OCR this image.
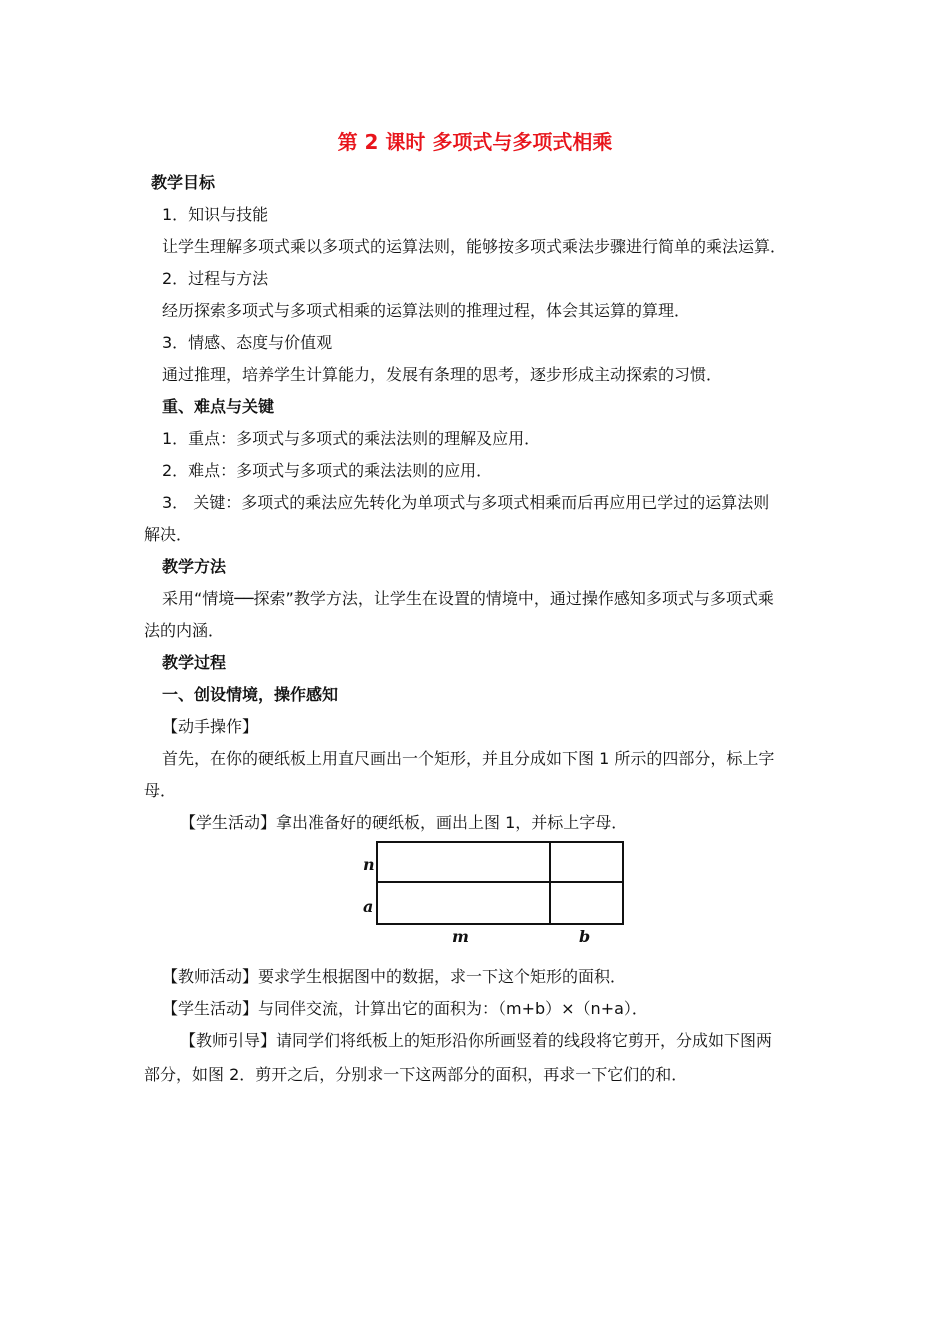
第 2 课时 多项式与多项式相乘
教学目标
1．知识与技能
让学生理解多项式乘以多项式的运算法则，能够按多项式乘法步骤进行简单的乘法运算．
2．过程与方法
经历探索多项式与多项式相乘的运算法则的推理过程，体会其运算的算理．
3．情感、态度与价值观
通过推理，培养学生计算能力，发展有条理的思考，逐步形成主动探索的习惯．
重、难点与关键
1．重点：多项式与多项式的乘法法则的理解及应用．
2．难点：多项式与多项式的乘法法则的应用．
3． 关键：多项式的乘法应先转化为单项式与多项式相乘而后再应用已学过的运算法则
解决．
教学方法
采用“情境──探索”教学方法，让学生在设置的情境中，通过操作感知多项式与多项式乘
法的内涵．
教学过程
一、创设情境，操作感知
【动手操作】
首先，在你的硬纸板上用直尺画出一个矩形，并且分成如下图 1 所示的四部分，标上字
母．
【学生活动】拿出准备好的硬纸板，画出上图 1，并标上字母．
n
a
m	b
【教师活动】要求学生根据图中的数据，求一下这个矩形的面积．
【学生活动】与同伴交流，计算出它的面积为：（m+b）×（n+a）．
【教师引导】请同学们将纸板上的矩形沿你所画竖着的线段将它剪开，分成如下图两
部分，如图 2．剪开之后，分别求一下这两部分的面积，再求一下它们的和．
